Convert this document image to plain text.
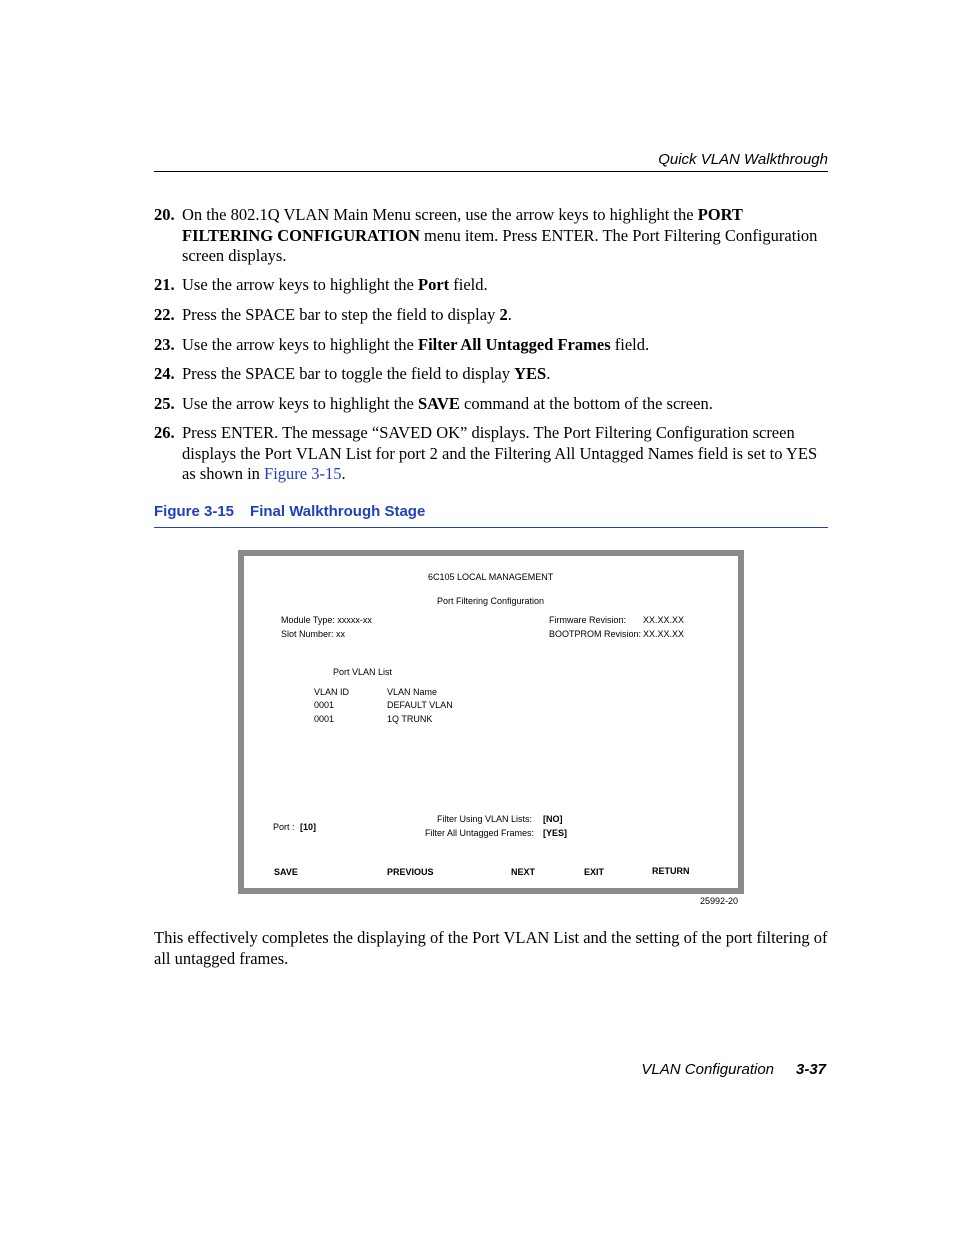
Quick VLAN Walkthrough
20. On the 802.1Q VLAN Main Menu screen, use the arrow keys to highlight the PORT FILTERING CONFIGURATION menu item. Press ENTER. The Port Filtering Configuration screen displays.
21. Use the arrow keys to highlight the Port field.
22. Press the SPACE bar to step the field to display 2.
23. Use the arrow keys to highlight the Filter All Untagged Frames field.
24. Press the SPACE bar to toggle the field to display YES.
25. Use the arrow keys to highlight the SAVE command at the bottom of the screen.
26. Press ENTER. The message “SAVED OK” displays. The Port Filtering Configuration screen displays the Port VLAN List for port 2 and the Filtering All Untagged Names field is set to YES as shown in Figure 3-15.
Figure 3-15 Final Walkthrough Stage
6C105 LOCAL MANAGEMENT
Port Filtering Configuration
Module Type: xxxxx-xx
Slot Number: xx
Firmware Revision: XX.XX.XX
BOOTPROM Revision: XX.XX.XX
Port VLAN List
VLAN ID	VLAN Name
0001	DEFAULT VLAN
0001	1Q TRUNK
Port : [10]
Filter Using VLAN Lists: [NO]
Filter All Untagged Frames: [YES]
SAVE	PREVIOUS	NEXT	EXIT	RETURN
25992-20
This effectively completes the displaying of the Port VLAN List and the setting of the port filtering of all untagged frames.
VLAN Configuration 3-37
